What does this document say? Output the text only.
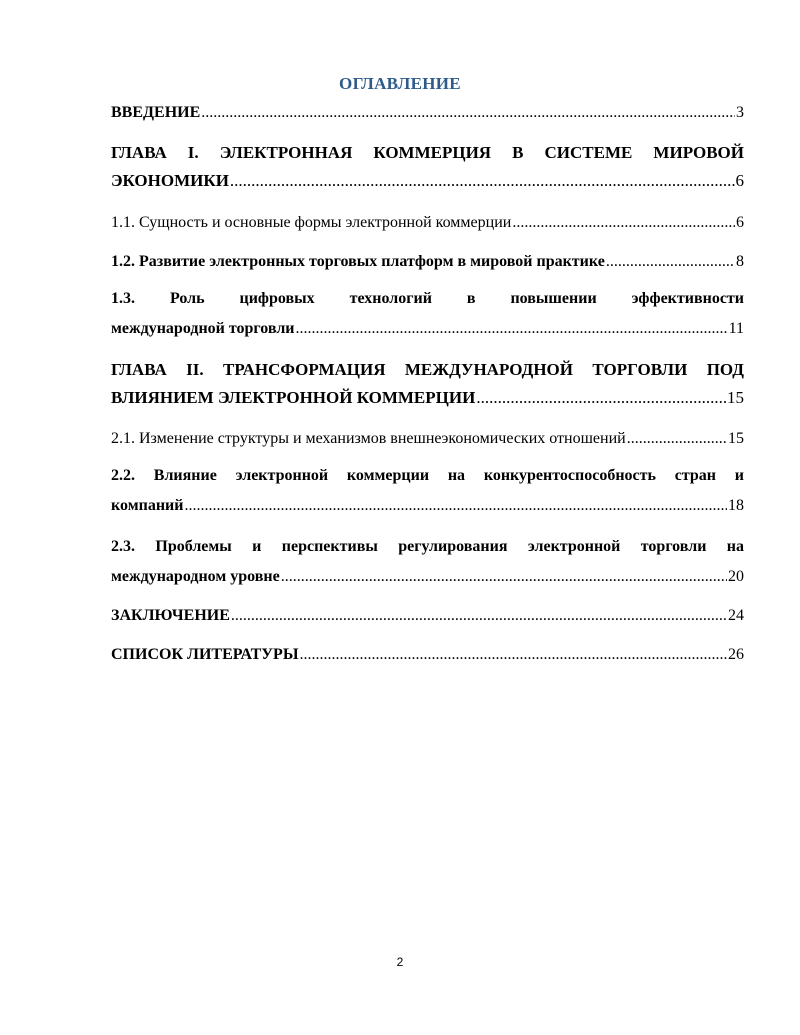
ОГЛАВЛЕНИЕ
ВВЕДЕНИЕ .....	3
ГЛАВА I. ЭЛЕКТРОННАЯ КОММЕРЦИЯ В СИСТЕМЕ МИРОВОЙ
ЭКОНОМИКИ .....	6
1.1. Сущность и основные формы электронной коммерции .....	6
1.2. Развитие электронных торговых платформ в мировой практике .....	8
1.3. Роль цифровых технологий в повышении эффективности
международной торговли .....	11
ГЛАВА II. ТРАНСФОРМАЦИЯ МЕЖДУНАРОДНОЙ ТОРГОВЛИ ПОД
ВЛИЯНИЕМ ЭЛЕКТРОННОЙ КОММЕРЦИИ .....	15
2.1. Изменение структуры и механизмов внешнеэкономических отношений .....	15
2.2. Влияние электронной коммерции на конкурентоспособность стран и
компаний .....	18
2.3. Проблемы и перспективы регулирования электронной торговли на
международном уровне .....	20
ЗАКЛЮЧЕНИЕ .....	24
СПИСОК ЛИТЕРАТУРЫ .....	26
2
